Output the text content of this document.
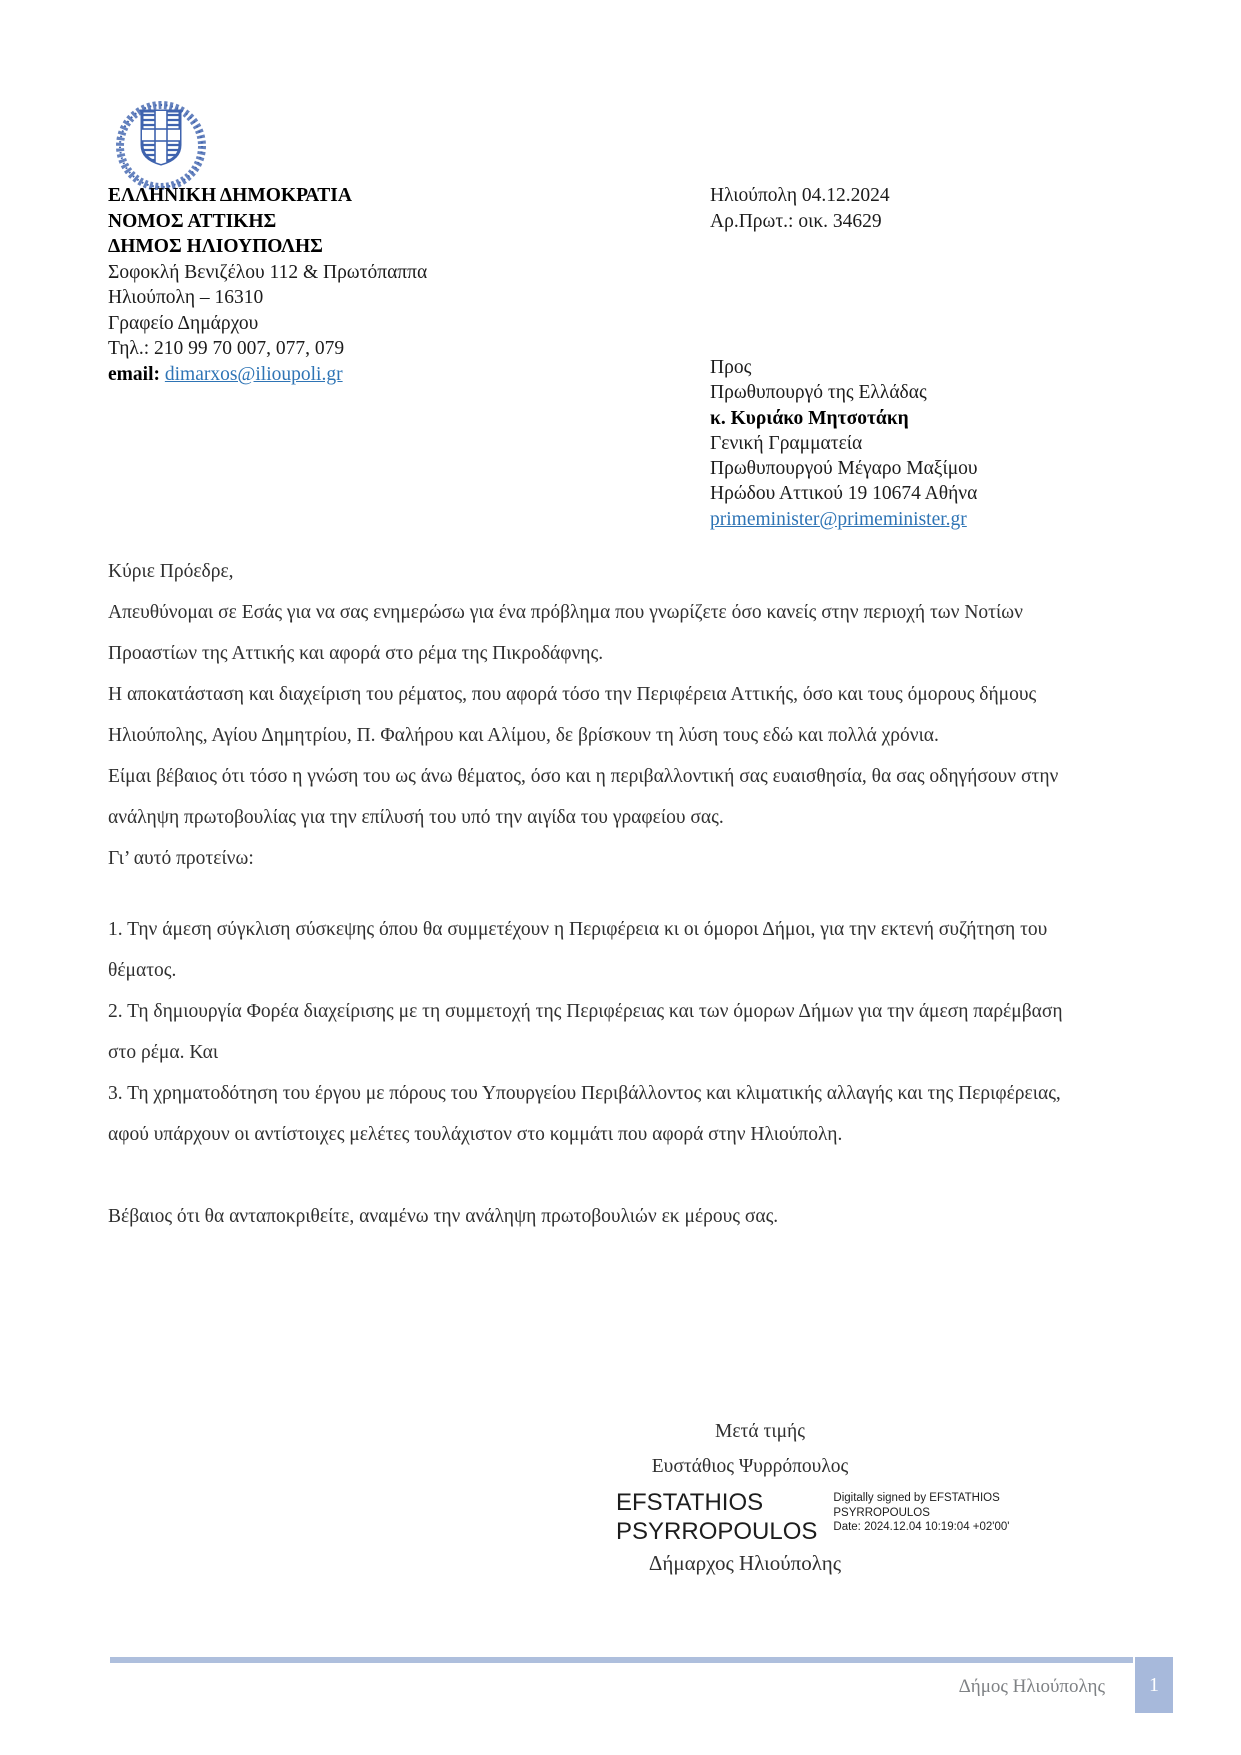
ΕΛΛΗΝΙΚΗ ΔΗΜΟΚΡΑΤΙΑ
ΝΟΜΟΣ ΑΤΤΙΚΗΣ
ΔΗΜΟΣ ΗΛΙΟΥΠΟΛΗΣ
Σοφοκλή Βενιζέλου 112 & Πρωτόπαππα
Ηλιούπολη – 16310
Γραφείο Δημάρχου
Τηλ.: 210 99 70 007, 077, 079
email: dimarxos@ilioupoli.gr
Ηλιούπολη 04.12.2024
Αρ.Πρωτ.: οικ. 34629
Προς
Πρωθυπουργό της Ελλάδας
κ. Κυριάκο Μητσοτάκη
Γενική Γραμματεία
Πρωθυπουργού Μέγαρο Μαξίμου
Ηρώδου Αττικού 19 10674 Αθήνα
primeminister@primeminister.gr

Κύριε Πρόεδρε,

Απευθύνομαι σε Εσάς για να σας ενημερώσω για ένα πρόβλημα που γνωρίζετε όσο κανείς στην περιοχή των Νοτίων Προαστίων της Αττικής και αφορά στο ρέμα της Πικροδάφνης.

Η αποκατάσταση και διαχείριση του ρέματος, που αφορά τόσο την Περιφέρεια Αττικής, όσο και τους όμορους δήμους Ηλιούπολης, Αγίου Δημητρίου, Π. Φαλήρου και Αλίμου, δε βρίσκουν τη λύση τους εδώ και πολλά χρόνια.

Είμαι βέβαιος ότι τόσο η γνώση του ως άνω θέματος, όσο και η περιβαλλοντική σας ευαισθησία, θα σας οδηγήσουν στην ανάληψη πρωτοβουλίας για την επίλυσή του υπό την αιγίδα του γραφείου σας.

Γι’ αυτό προτείνω:

1. Την άμεση σύγκλιση σύσκεψης όπου θα συμμετέχουν η Περιφέρεια κι οι όμοροι Δήμοι, για την εκτενή συζήτηση του θέματος.

2. Τη δημιουργία Φορέα διαχείρισης με τη συμμετοχή της Περιφέρειας και των όμορων Δήμων για την άμεση παρέμβαση στο ρέμα. Και

3. Τη χρηματοδότηση του έργου με πόρους του Υπουργείου Περιβάλλοντος και κλιματικής αλλαγής και της Περιφέρειας, αφού υπάρχουν οι αντίστοιχες μελέτες τουλάχιστον στο κομμάτι που αφορά στην Ηλιούπολη.

Βέβαιος ότι θα ανταποκριθείτε, αναμένω την ανάληψη πρωτοβουλιών εκ μέρους σας.

Μετά τιμής
Ευστάθιος Ψυρρόπουλος
EFSTATHIOS
PSYRROPOULOS
Digitally signed by EFSTATHIOS
PSYRROPOULOS
Date: 2024.12.04 10:19:04 +02'00'
Δήμαρχος Ηλιούπολης
Δήμος Ηλιούπολης 1
